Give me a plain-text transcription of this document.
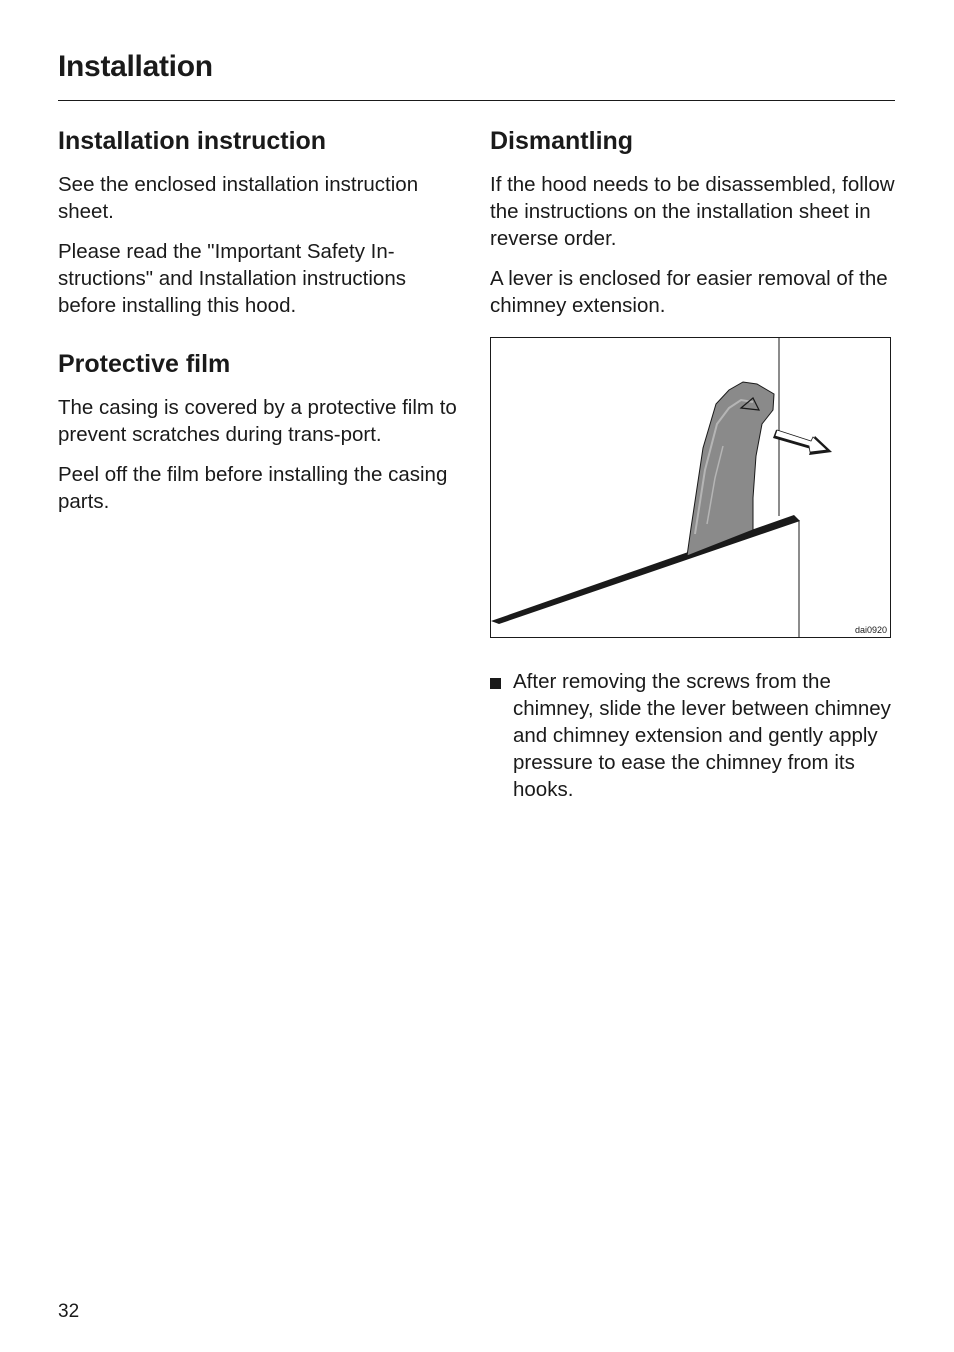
Installation
Installation instruction

See the enclosed installation instruction sheet.

Please read the "Important Safety In-structions" and Installation instructions before installing this hood.

Protective film

The casing is covered by a protective film to prevent scratches during trans-port.

Peel off the film before installing the casing parts.

Dismantling

If the hood needs to be disassembled, follow the instructions on the installation sheet in reverse order.

A lever is enclosed for easier removal of the chimney extension.

dai0920

After removing the screws from the chimney, slide the lever between chimney and chimney extension and gently apply pressure to ease the chimney from its hooks.

32
